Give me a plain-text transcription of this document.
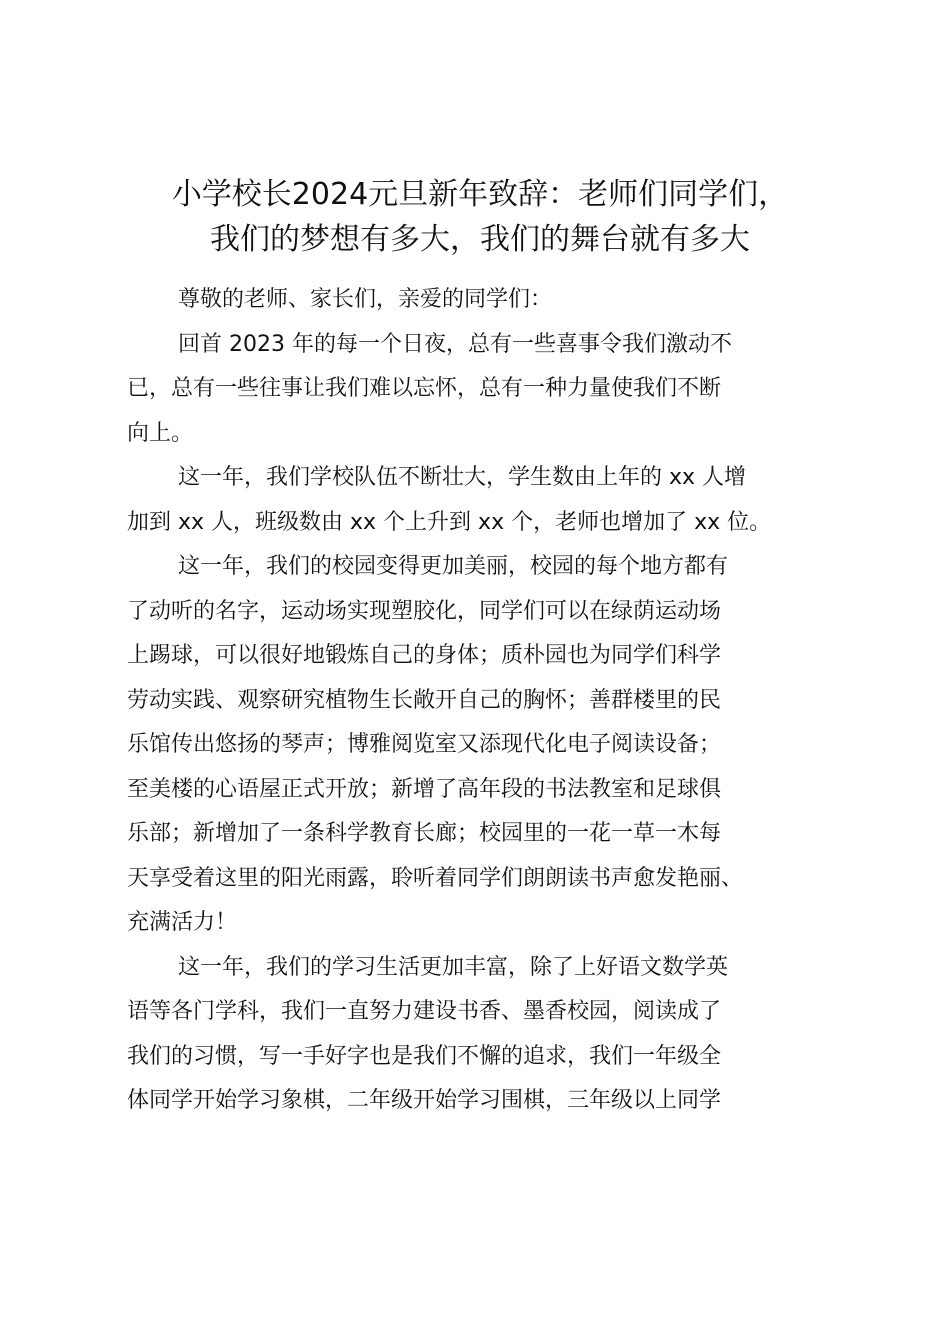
小学校长2024元旦新年致辞：老师们同学们，
我们的梦想有多大，我们的舞台就有多大

尊敬的老师、家长们，亲爱的同学们：

回首 2023 年的每一个日夜，总有一些喜事令我们激动不
已，总有一些往事让我们难以忘怀，总有一种力量使我们不断
向上。

这一年，我们学校队伍不断壮大，学生数由上年的 xx 人增
加到 xx 人，班级数由 xx 个上升到 xx 个，老师也增加了 xx 位。

这一年，我们的校园变得更加美丽，校园的每个地方都有
了动听的名字，运动场实现塑胶化，同学们可以在绿荫运动场
上踢球，可以很好地锻炼自己的身体；质朴园也为同学们科学
劳动实践、观察研究植物生长敞开自己的胸怀；善群楼里的民
乐馆传出悠扬的琴声；博雅阅览室又添现代化电子阅读设备；
至美楼的心语屋正式开放；新增了高年段的书法教室和足球俱
乐部；新增加了一条科学教育长廊；校园里的一花一草一木每
天享受着这里的阳光雨露，聆听着同学们朗朗读书声愈发艳丽、
充满活力！

这一年，我们的学习生活更加丰富，除了上好语文数学英
语等各门学科，我们一直努力建设书香、墨香校园，阅读成了
我们的习惯，写一手好字也是我们不懈的追求，我们一年级全
体同学开始学习象棋，二年级开始学习围棋，三年级以上同学
